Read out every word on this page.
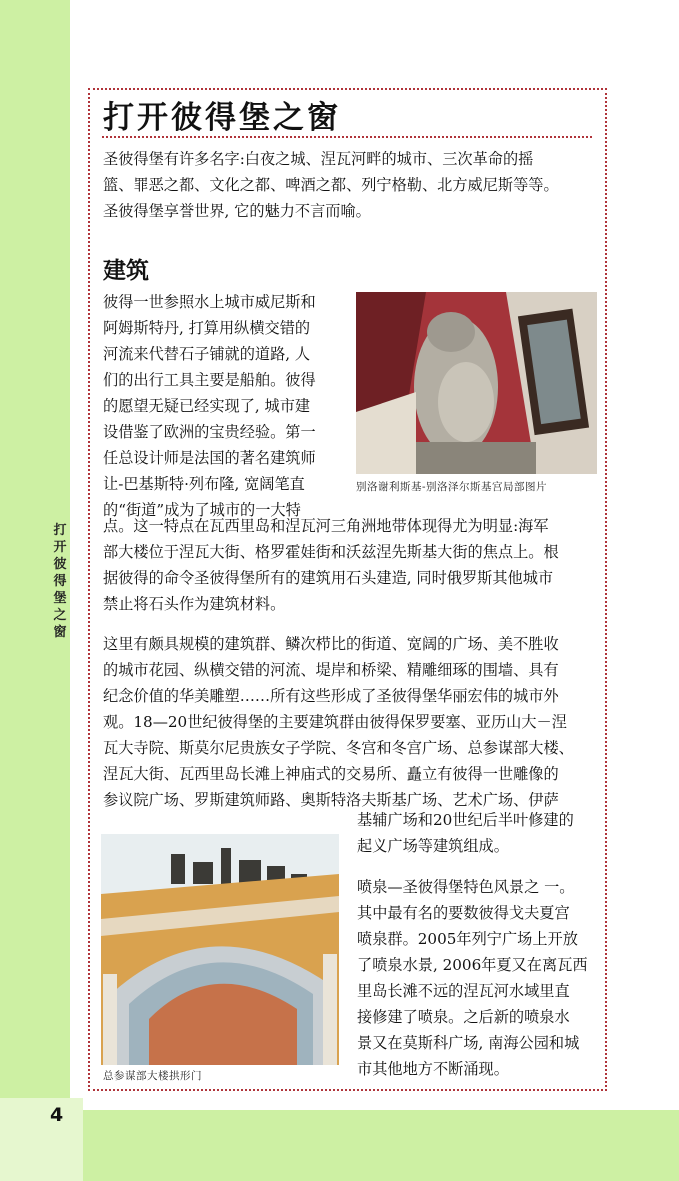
打开彼得堡之窗
4
打开彼得堡之窗
圣彼得堡有许多名字:白夜之城、涅瓦河畔的城市、三次革命的摇
篮、罪恶之都、文化之都、啤酒之都、列宁格勒、北方威尼斯等等。
圣彼得堡享誉世界, 它的魅力不言而喻。
建筑
彼得一世参照水上城市威尼斯和
阿姆斯特丹, 打算用纵横交错的
河流来代替石子铺就的道路, 人
们的出行工具主要是船舶。彼得
的愿望无疑已经实现了, 城市建
设借鉴了欧洲的宝贵经验。第一
任总设计师是法国的著名建筑师
让-巴基斯特·列布隆, 宽阔笔直
的“街道”成为了城市的一大特
别洛谢利斯基-别洛泽尔斯基宫局部图片
点。这一特点在瓦西里岛和涅瓦河三角洲地带体现得尤为明显:海军
部大楼位于涅瓦大街、格罗霍娃街和沃兹涅先斯基大街的焦点上。根
据彼得的命令圣彼得堡所有的建筑用石头建造, 同时俄罗斯其他城市
禁止将石头作为建筑材料。
这里有颇具规模的建筑群、鳞次栉比的街道、宽阔的广场、美不胜收
的城市花园、纵横交错的河流、堤岸和桥梁、精雕细琢的围墙、具有
纪念价值的华美雕塑……所有这些形成了圣彼得堡华丽宏伟的城市外
观。18—20世纪彼得堡的主要建筑群由彼得保罗要塞、亚历山大－涅
瓦大寺院、斯莫尔尼贵族女子学院、冬宫和冬宫广场、总参谋部大楼、
涅瓦大街、瓦西里岛长滩上神庙式的交易所、矗立有彼得一世雕像的
参议院广场、罗斯建筑师路、奥斯特洛夫斯基广场、艺术广场、伊萨
基辅广场和20世纪后半叶修建的
起义广场等建筑组成。
总参谋部大楼拱形门
喷泉—圣彼得堡特色风景之 一。
其中最有名的要数彼得戈夫夏宫
喷泉群。2005年列宁广场上开放
了喷泉水景, 2006年夏又在离瓦西
里岛长滩不远的涅瓦河水域里直
接修建了喷泉。之后新的喷泉水
景又在莫斯科广场, 南海公园和城
市其他地方不断涌现。
